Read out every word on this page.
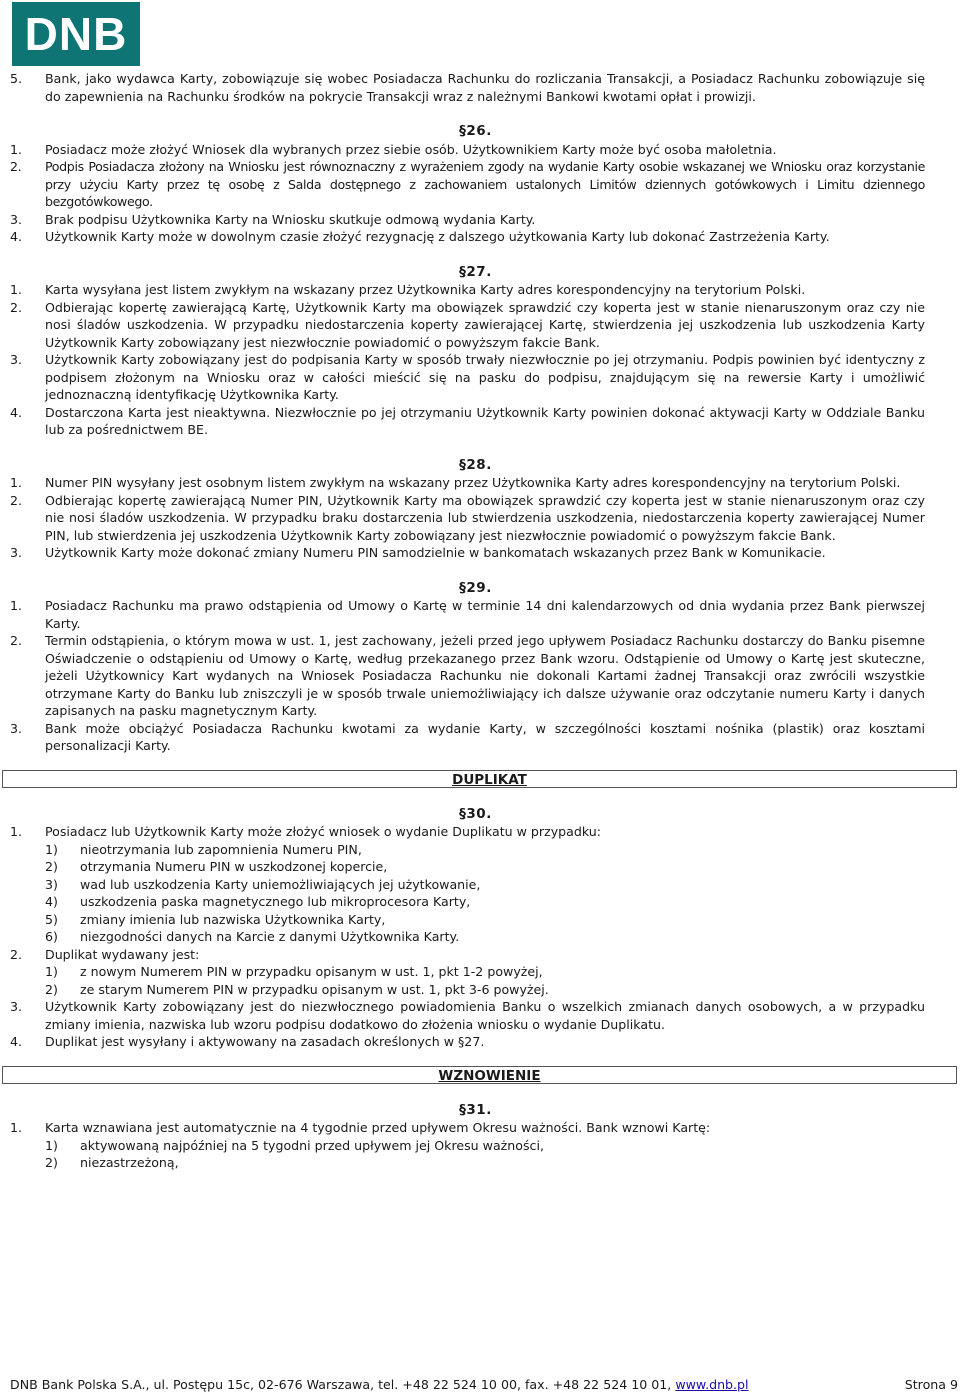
DNB
5.	Bank, jako wydawca Karty, zobowiązuje się wobec Posiadacza Rachunku do rozliczania Transakcji, a Posiadacz Rachunku zobowiązuje się do zapewnienia na Rachunku środków na pokrycie Transakcji wraz z należnymi Bankowi kwotami opłat i prowizji.
§26.
1.	Posiadacz może złożyć Wniosek dla wybranych przez siebie osób. Użytkownikiem Karty może być osoba małoletnia.
2.	Podpis Posiadacza złożony na Wniosku jest równoznaczny z wyrażeniem zgody na wydanie Karty osobie wskazanej we Wniosku oraz korzystanie przy użyciu Karty przez tę osobę z Salda dostępnego z zachowaniem ustalonych Limitów dziennych gotówkowych i Limitu dziennego bezgotówkowego.
3.	Brak podpisu Użytkownika Karty na Wniosku skutkuje odmową wydania Karty.
4.	Użytkownik Karty może w dowolnym czasie złożyć rezygnację z dalszego użytkowania Karty lub dokonać Zastrzeżenia Karty.
§27.
1.	Karta wysyłana jest listem zwykłym na wskazany przez Użytkownika Karty adres korespondencyjny na terytorium Polski.
2.	Odbierając kopertę zawierającą Kartę, Użytkownik Karty ma obowiązek sprawdzić czy koperta jest w stanie nienaruszonym oraz czy nie nosi śladów uszkodzenia. W przypadku niedostarczenia koperty zawierającej Kartę, stwierdzenia jej uszkodzenia lub uszkodzenia Karty Użytkownik Karty zobowiązany jest niezwłocznie powiadomić o powyższym fakcie Bank.
3.	Użytkownik Karty zobowiązany jest do podpisania Karty w sposób trwały niezwłocznie po jej otrzymaniu. Podpis powinien być identyczny z podpisem złożonym na Wniosku oraz w całości mieścić się na pasku do podpisu, znajdującym się na rewersie Karty i umożliwić jednoznaczną identyfikację Użytkownika Karty.
4.	Dostarczona Karta jest nieaktywna. Niezwłocznie po jej otrzymaniu Użytkownik Karty powinien dokonać aktywacji Karty w Oddziale Banku lub za pośrednictwem BE.
§28.
1.	Numer PIN wysyłany jest osobnym listem zwykłym na wskazany przez Użytkownika Karty adres korespondencyjny na terytorium Polski.
2.	Odbierając kopertę zawierającą Numer PIN, Użytkownik Karty ma obowiązek sprawdzić czy koperta jest w stanie nienaruszonym oraz czy nie nosi śladów uszkodzenia. W przypadku braku dostarczenia lub stwierdzenia uszkodzenia, niedostarczenia koperty zawierającej Numer PIN, lub stwierdzenia jej uszkodzenia Użytkownik Karty zobowiązany jest niezwłocznie powiadomić o powyższym fakcie Bank.
3.	Użytkownik Karty może dokonać zmiany Numeru PIN samodzielnie w bankomatach wskazanych przez Bank w Komunikacie.
§29.
1.	Posiadacz Rachunku ma prawo odstąpienia od Umowy o Kartę w terminie 14 dni kalendarzowych od dnia wydania przez Bank pierwszej Karty.
2.	Termin odstąpienia, o którym mowa w ust. 1, jest zachowany, jeżeli przed jego upływem Posiadacz Rachunku dostarczy do Banku pisemne Oświadczenie o odstąpieniu od Umowy o Kartę, według przekazanego przez Bank wzoru. Odstąpienie od Umowy o Kartę jest skuteczne, jeżeli Użytkownicy Kart wydanych na Wniosek Posiadacza Rachunku nie dokonali Kartami żadnej Transakcji oraz zwrócili wszystkie otrzymane Karty do Banku lub zniszczyli je w sposób trwale uniemożliwiający ich dalsze używanie oraz odczytanie numeru Karty i danych zapisanych na pasku magnetycznym Karty.
3.	Bank może obciążyć Posiadacza Rachunku kwotami za wydanie Karty, w szczególności kosztami nośnika (plastik) oraz kosztami personalizacji Karty.
DUPLIKAT
§30.
1.	Posiadacz lub Użytkownik Karty może złożyć wniosek o wydanie Duplikatu w przypadku:
1)	nieotrzymania lub zapomnienia Numeru PIN,
2)	otrzymania Numeru PIN w uszkodzonej kopercie,
3)	wad lub uszkodzenia Karty uniemożliwiających jej użytkowanie,
4)	uszkodzenia paska magnetycznego lub mikroprocesora Karty,
5)	zmiany imienia lub nazwiska Użytkownika Karty,
6)	niezgodności danych na Karcie z danymi Użytkownika Karty.
2.	Duplikat wydawany jest:
1)	z nowym Numerem PIN w przypadku opisanym w ust. 1, pkt 1-2 powyżej,
2)	ze starym Numerem PIN w przypadku opisanym w ust. 1, pkt 3-6 powyżej.
3.	Użytkownik Karty zobowiązany jest do niezwłocznego powiadomienia Banku o wszelkich zmianach danych osobowych, a w przypadku zmiany imienia, nazwiska lub wzoru podpisu dodatkowo do złożenia wniosku o wydanie Duplikatu.
4.	Duplikat jest wysyłany i aktywowany na zasadach określonych w §27.
WZNOWIENIE
§31.
1.	Karta wznawiana jest automatycznie na 4 tygodnie przed upływem Okresu ważności. Bank wznowi Kartę:
1)	aktywowaną najpóźniej na 5 tygodni przed upływem jej Okresu ważności,
2)	niezastrzeżoną,
DNB Bank Polska S.A., ul. Postępu 15c, 02-676 Warszawa, tel. +48 22 524 10 00, fax. +48 22 524 10 01, www.dnb.pl	Strona 9
